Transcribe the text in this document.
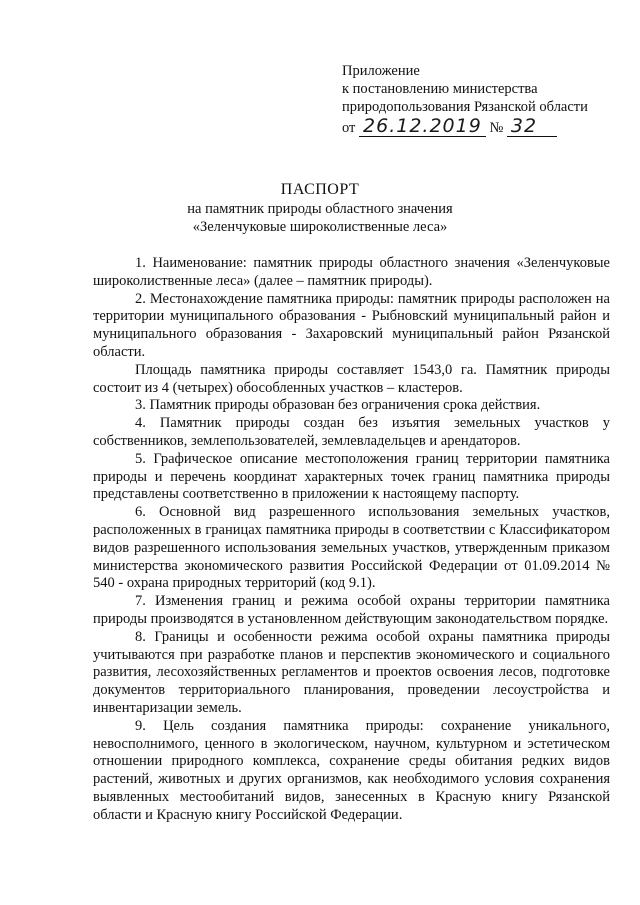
Приложение
к постановлению министерства
природопользования Рязанской области
от 26.12.2019 № 32
ПАСПОРТ
на памятник природы областного значения
«Зеленчуковые широколиственные леса»

1. Наименование: памятник природы областного значения «Зеленчуковые широколиственные леса» (далее – памятник природы).

2. Местонахождение памятника природы: памятник природы расположен на территории муниципального образования - Рыбновский муниципальный район и муниципального образования - Захаровский муниципальный район Рязанской области.

Площадь памятника природы составляет 1543,0 га. Памятник природы состоит из 4 (четырех) обособленных участков – кластеров.

3. Памятник природы образован без ограничения срока действия.

4. Памятник природы создан без изъятия земельных участков у собственников, землепользователей, землевладельцев и арендаторов.

5. Графическое описание местоположения границ территории памятника природы и перечень координат характерных точек границ памятника природы представлены соответственно в приложении к настоящему паспорту.

6. Основной вид разрешенного использования земельных участков, расположенных в границах памятника природы в соответствии с Классификатором видов разрешенного использования земельных участков, утвержденным приказом министерства экономического развития Российской Федерации от 01.09.2014 № 540 - охрана природных территорий (код 9.1).

7. Изменения границ и режима особой охраны территории памятника природы производятся в установленном действующим законодательством порядке.

8. Границы и особенности режима особой охраны памятника природы учитываются при разработке планов и перспектив экономического и социального развития, лесохозяйственных регламентов и проектов освоения лесов, подготовке документов территориального планирования, проведении лесоустройства и инвентаризации земель.

9. Цель создания памятника природы: сохранение уникального, невосполнимого, ценного в экологическом, научном, культурном и эстетическом отношении природного комплекса, сохранение среды обитания редких видов растений, животных и других организмов, как необходимого условия сохранения выявленных местообитаний видов, занесенных в Красную книгу Рязанской области и Красную книгу Российской Федерации.
